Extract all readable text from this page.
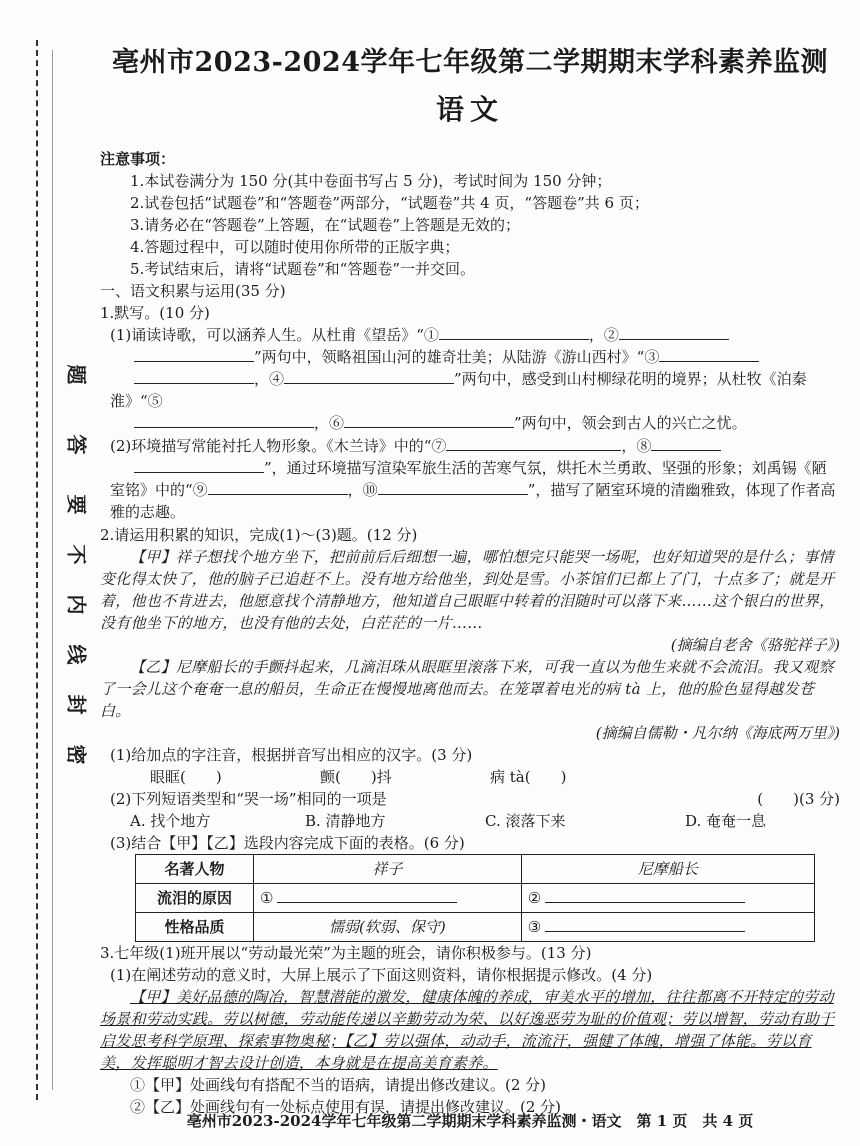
题
答
要
不
内
线
封
密
亳州市2023-2024学年七年级第二学期期末学科素养监测
语文
注意事项：
1.本试卷满分为 150 分(其中卷面书写占 5 分)，考试时间为 150 分钟；
2.试卷包括“试题卷”和“答题卷”两部分，“试题卷”共 4 页，“答题卷”共 6 页；
3.请务必在“答题卷”上答题，在“试题卷”上答题是无效的；
4.答题过程中，可以随时使用你所带的正版字典；
5.考试结束后，请将“试题卷”和“答题卷”一并交回。
一、语文积累与运用(35 分)
1.默写。(10 分)
(1)诵读诗歌，可以涵养人生。从杜甫《望岳》“①	，②
”两句中，领略祖国山河的雄奇壮美；从陆游《游山西村》“③
，④	”两句中，感受到山村柳绿花明的境界；从杜牧《泊秦淮》“⑤
，⑥	”两句中，领会到古人的兴亡之忧。
(2)环境描写常能衬托人物形象。《木兰诗》中的“⑦	，⑧
”，通过环境描写渲染军旅生活的苦寒气氛，烘托木兰勇敢、坚强的形象；刘禹锡《陋室铭》中的“⑨	，⑩	”，描写了陋室环境的清幽雅致，体现了作者高雅的志趣。
2.请运用积累的知识，完成(1)～(3)题。(12 分)
【甲】祥子想找个地方坐下，把前前后后细想一遍，哪怕想完只能哭一场呢，也好知道哭的是什么；事情变化得太快了，他的脑子已追赶不上。没有地方给他坐，到处是雪。小茶馆们已都上了门，十点多了；就是开着，他也不肯进去，他愿意找个清静地方，他知道自己眼眶中转着的泪随时可以落下来……这个银白的世界，没有他坐下的地方，也没有他的去处，白茫茫的一片……
(摘编自老舍《骆驼祥子》)
【乙】尼摩船长的手颤抖起来，几滴泪珠从眼眶里滚落下来，可我一直以为他生来就不会流泪。我又观察了一会儿这个奄奄一息的船员，生命正在慢慢地离他而去。在笼罩着电光的病 tà 上，他的脸色显得越发苍白。
(摘编自儒勒・凡尔纳《海底两万里》)
(1)给加点的字注音，根据拼音写出相应的汉字。(3 分)
眼眶(　　)	颤(　　)抖	病 tà(　　)
(2)下列短语类型和“哭一场”相同的一项是	(　　)(3 分)
A. 找个地方	B. 清静地方	C. 滚落下来	D. 奄奄一息
(3)结合【甲】【乙】选段内容完成下面的表格。(6 分)
名著人物	祥子	尼摩船长
流泪的原因	①	②
性格品质	懦弱(软弱、保守)	③
3.七年级(1)班开展以“劳动最光荣”为主题的班会，请你积极参与。(13 分)
(1)在阐述劳动的意义时，大屏上展示了下面这则资料，请你根据提示修改。(4 分)
【甲】美好品德的陶冶，智慧潜能的激发，健康体魄的养成，审美水平的增加，往往都离不开特定的劳动场景和劳动实践。劳以树德，劳动能传递以辛勤劳动为荣、以好逸恶劳为耻的价值观；劳以增智，劳动有助于启发思考科学原理、探索事物奥秘；【乙】劳以强体，动动手，流流汗，强健了体魄，增强了体能。劳以育美，发挥聪明才智去设计创造，本身就是在提高美育素养。
①【甲】处画线句有搭配不当的语病，请提出修改建议。(2 分)
②【乙】处画线句有一处标点使用有误，请提出修改建议。(2 分)
亳州市2023-2024学年七年级第二学期期末学科素养监测・语文　第 1 页　共 4 页
